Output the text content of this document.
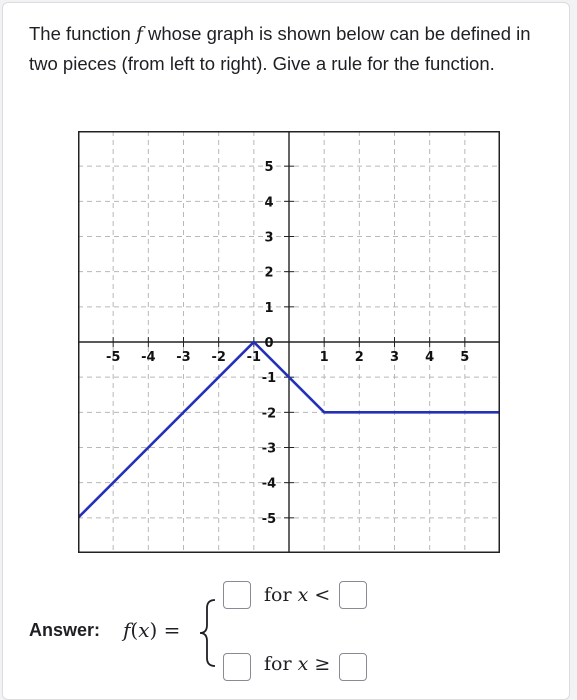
The function f whose graph is shown below can be defined in two pieces (from left to right). Give a rule for the function.
-5 -4 -3 -2 -1	1 2 3 4 5
5
4
3
2
1
0
-1
-2
-3
-4
-5
Answer: f(x) =
for x <
for x ≥
